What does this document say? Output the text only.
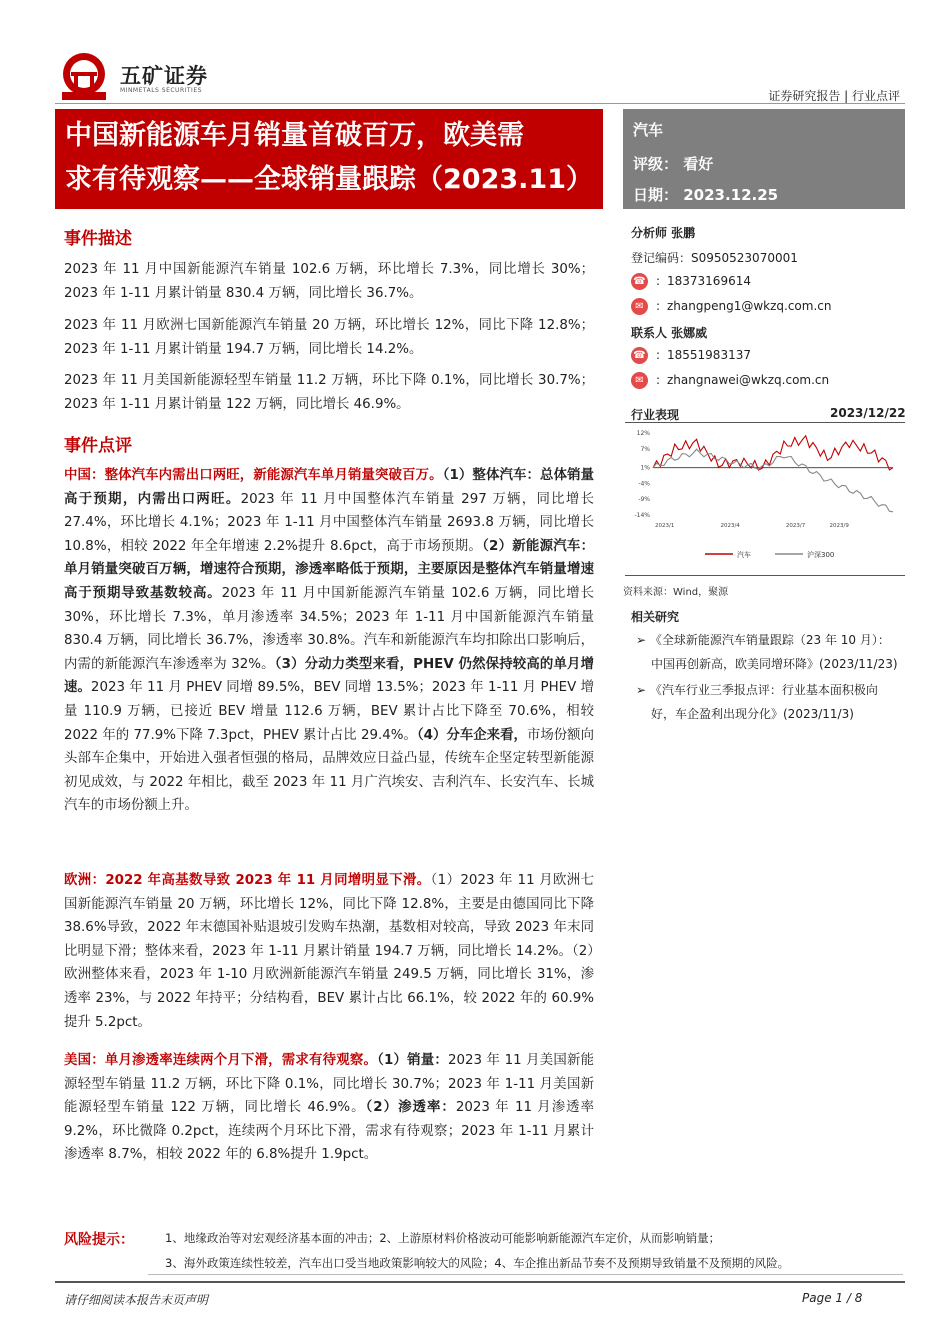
五矿证券
MINMETALS SECURITIES	证券研究报告 | 行业点评
中国新能源车月销量首破百万，欧美需
求有待观察——全球销量跟踪（2023.11）
汽车
评级： 看好
日期： 2023.12.25
分析师 张鹏
登记编码：S0950523070001
☎ : 18373169614
✉	: zhangpeng1@wkzq.com.cn
联系人 张娜威
☎ : 18551983137
✉	: zhangnawei@wkzq.com.cn
行业表现	2023/12/22
12%
7%
1%
-4%
-9%
-14%
2023/1	2023/4	2023/7	2023/9
汽车	沪深300
资料来源：Wind，聚源
相关研究
➢ 《全球新能源汽车销量跟踪（23 年 10 月）：
中国再创新高，欧美同增环降》(2023/11/23)
➢ 《汽车行业三季报点评：行业基本面积极向
好，车企盈利出现分化》(2023/11/3)
事件描述
2023 年 11 月中国新能源汽车销量 102.6 万辆，环比增长 7.3%，同比增长 30%；2023 年 1-11 月累计销量 830.4 万辆，同比增长 36.7%。
2023 年 11 月欧洲七国新能源汽车销量 20 万辆，环比增长 12%，同比下降 12.8%；2023 年 1-11 月累计销量 194.7 万辆，同比增长 14.2%。
2023 年 11 月美国新能源轻型车销量 11.2 万辆，环比下降 0.1%，同比增长 30.7%；2023 年 1-11 月累计销量 122 万辆，同比增长 46.9%。
事件点评
中国：整体汽车内需出口两旺，新能源汽车单月销量突破百万。（1）整体汽车：总体销量高于预期，内需出口两旺。2023 年 11 月中国整体汽车销量 297 万辆，同比增长 27.4%，环比增长 4.1%；2023 年 1-11 月中国整体汽车销量 2693.8 万辆，同比增长 10.8%，相较 2022 年全年增速 2.2%提升 8.6pct，高于市场预期。（2）新能源汽车：单月销量突破百万辆，增速符合预期，渗透率略低于预期，主要原因是整体汽车销量增速高于预期导致基数较高。2023 年 11 月中国新能源汽车销量 102.6 万辆，同比增长 30%，环比增长 7.3%，单月渗透率 34.5%；2023 年 1-11 月中国新能源汽车销量 830.4 万辆，同比增长 36.7%，渗透率 30.8%。汽车和新能源汽车均扣除出口影响后，内需的新能源汽车渗透率为 32%。（3）分动力类型来看，PHEV 仍然保持较高的单月增速。2023 年 11 月 PHEV 同增 89.5%，BEV 同增 13.5%；2023 年 1-11 月 PHEV 增量 110.9 万辆，已接近 BEV 增量 112.6 万辆，BEV 累计占比下降至 70.6%，相较 2022 年的 77.9%下降 7.3pct，PHEV 累计占比 29.4%。（4）分车企来看，市场份额向头部车企集中，开始进入强者恒强的格局，品牌效应日益凸显，传统车企坚定转型新能源初见成效，与 2022 年相比，截至 2023 年 11 月广汽埃安、吉利汽车、长安汽车、长城汽车的市场份额上升。
欧洲：2022 年高基数导致 2023 年 11 月同增明显下滑。（1）2023 年 11 月欧洲七国新能源汽车销量 20 万辆，环比增长 12%，同比下降 12.8%，主要是由德国同比下降 38.6%导致，2022 年末德国补贴退坡引发购车热潮，基数相对较高，导致 2023 年末同比明显下滑；整体来看，2023 年 1-11 月累计销量 194.7 万辆，同比增长 14.2%。（2）欧洲整体来看，2023 年 1-10 月欧洲新能源汽车销量 249.5 万辆，同比增长 31%，渗透率 23%，与 2022 年持平；分结构看，BEV 累计占比 66.1%，较 2022 年的 60.9%提升 5.2pct。
美国：单月渗透率连续两个月下滑，需求有待观察。（1）销量：2023 年 11 月美国新能源轻型车销量 11.2 万辆，环比下降 0.1%，同比增长 30.7%；2023 年 1-11 月美国新能源轻型车销量 122 万辆，同比增长 46.9%。（2）渗透率：2023 年 11 月渗透率 9.2%，环比微降 0.2pct，连续两个月环比下滑，需求有待观察；2023 年 1-11 月累计渗透率 8.7%，相较 2022 年的 6.8%提升 1.9pct。
风险提示：	1、地缘政治等对宏观经济基本面的冲击；2、上游原材料价格波动可能影响新能源汽车定价，从而影响销量；
3、海外政策连续性较差，汽车出口受当地政策影响较大的风险；4、车企推出新品节奏不及预期导致销量不及预期的风险。
请仔细阅读本报告末页声明	Page 1 / 8
